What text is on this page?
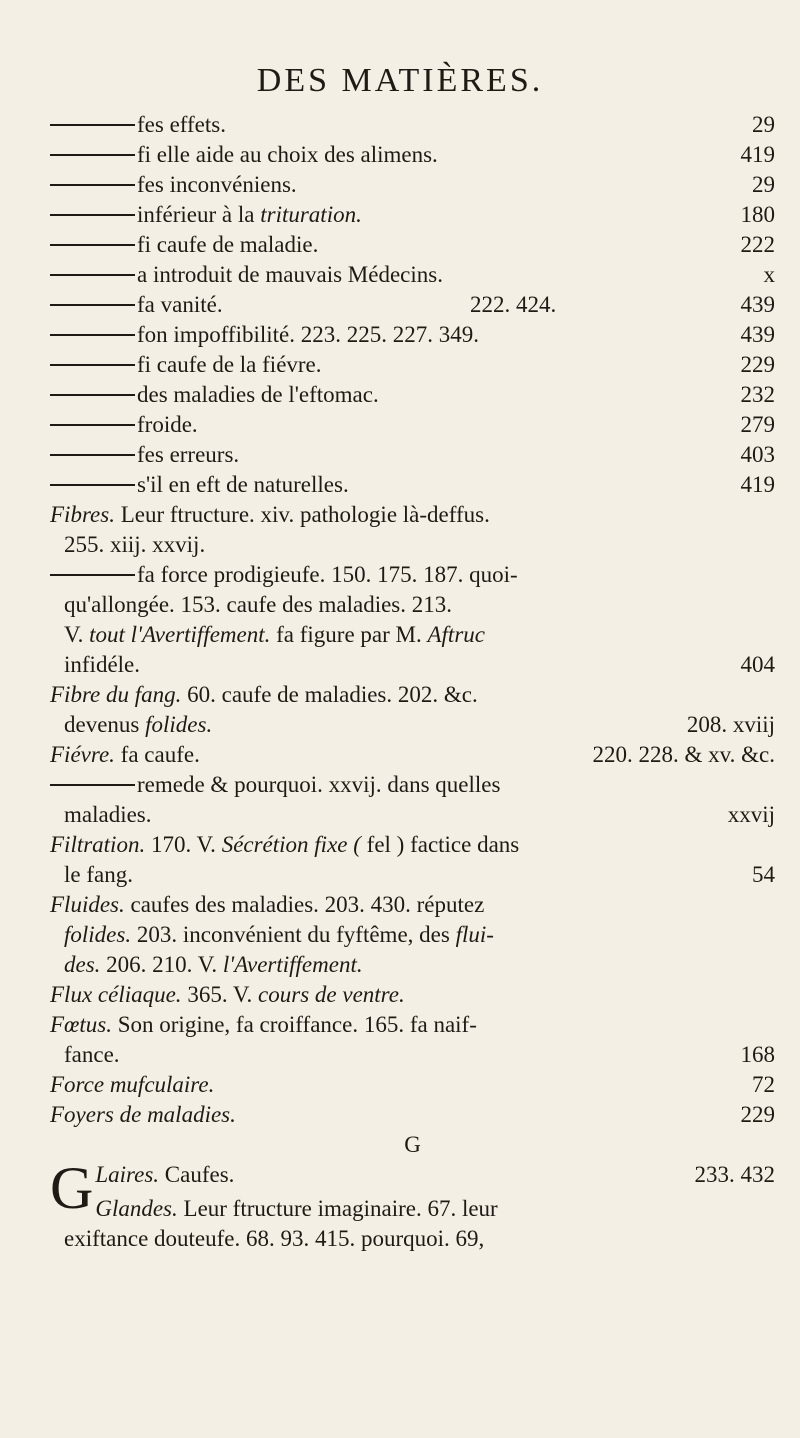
DES MATIÈRES.
fes effets.	29
fi elle aide au choix des alimens.	419
fes inconvéniens.	29
inférieur à la trituration.	180
fi caufe de maladie.	222
a introduit de mauvais Médecins.	x
fa vanité.	222. 424.	439
fon impoffibilité. 223. 225. 227. 349.	439
fi caufe de la fiévre.	229
des maladies de l'eftomac.	232
froide.	279
fes erreurs.	403
s'il en eft de naturelles.	419
Fibres. Leur ftructure. xiv. pathologie là-deffus.
255. xiij. xxvij.
fa force prodigieufe. 150. 175. 187. quoi-
qu'allongée. 153. caufe des maladies. 213.
V. tout l'Avertiffement. fa figure par M. Aftruc
infidéle.	404
Fibre du fang. 60. caufe de maladies. 202. &c.
devenus folides.	208. xviij
Fiévre. fa caufe.	220. 228. & xv. &c.
remede & pourquoi. xxvij. dans quelles
maladies.	xxvij
Filtration. 170. V. Sécrétion fixe ( fel ) factice dans
le fang.	54
Fluides. caufes des maladies. 203. 430. réputez
folides. 203. inconvénient du fyftême, des flui-
des. 206. 210. V. l'Avertiffement.
Flux céliaque. 365. V. cours de ventre.
Fœtus. Son origine, fa croiffance. 165. fa naif-
fance.	168
Force mufculaire.	72
Foyers de maladies.	229
G
G Laires. Caufes.	233. 432
Glandes. Leur ftructure imaginaire. 67. leur
exiftance douteufe. 68. 93. 415. pourquoi. 69,
